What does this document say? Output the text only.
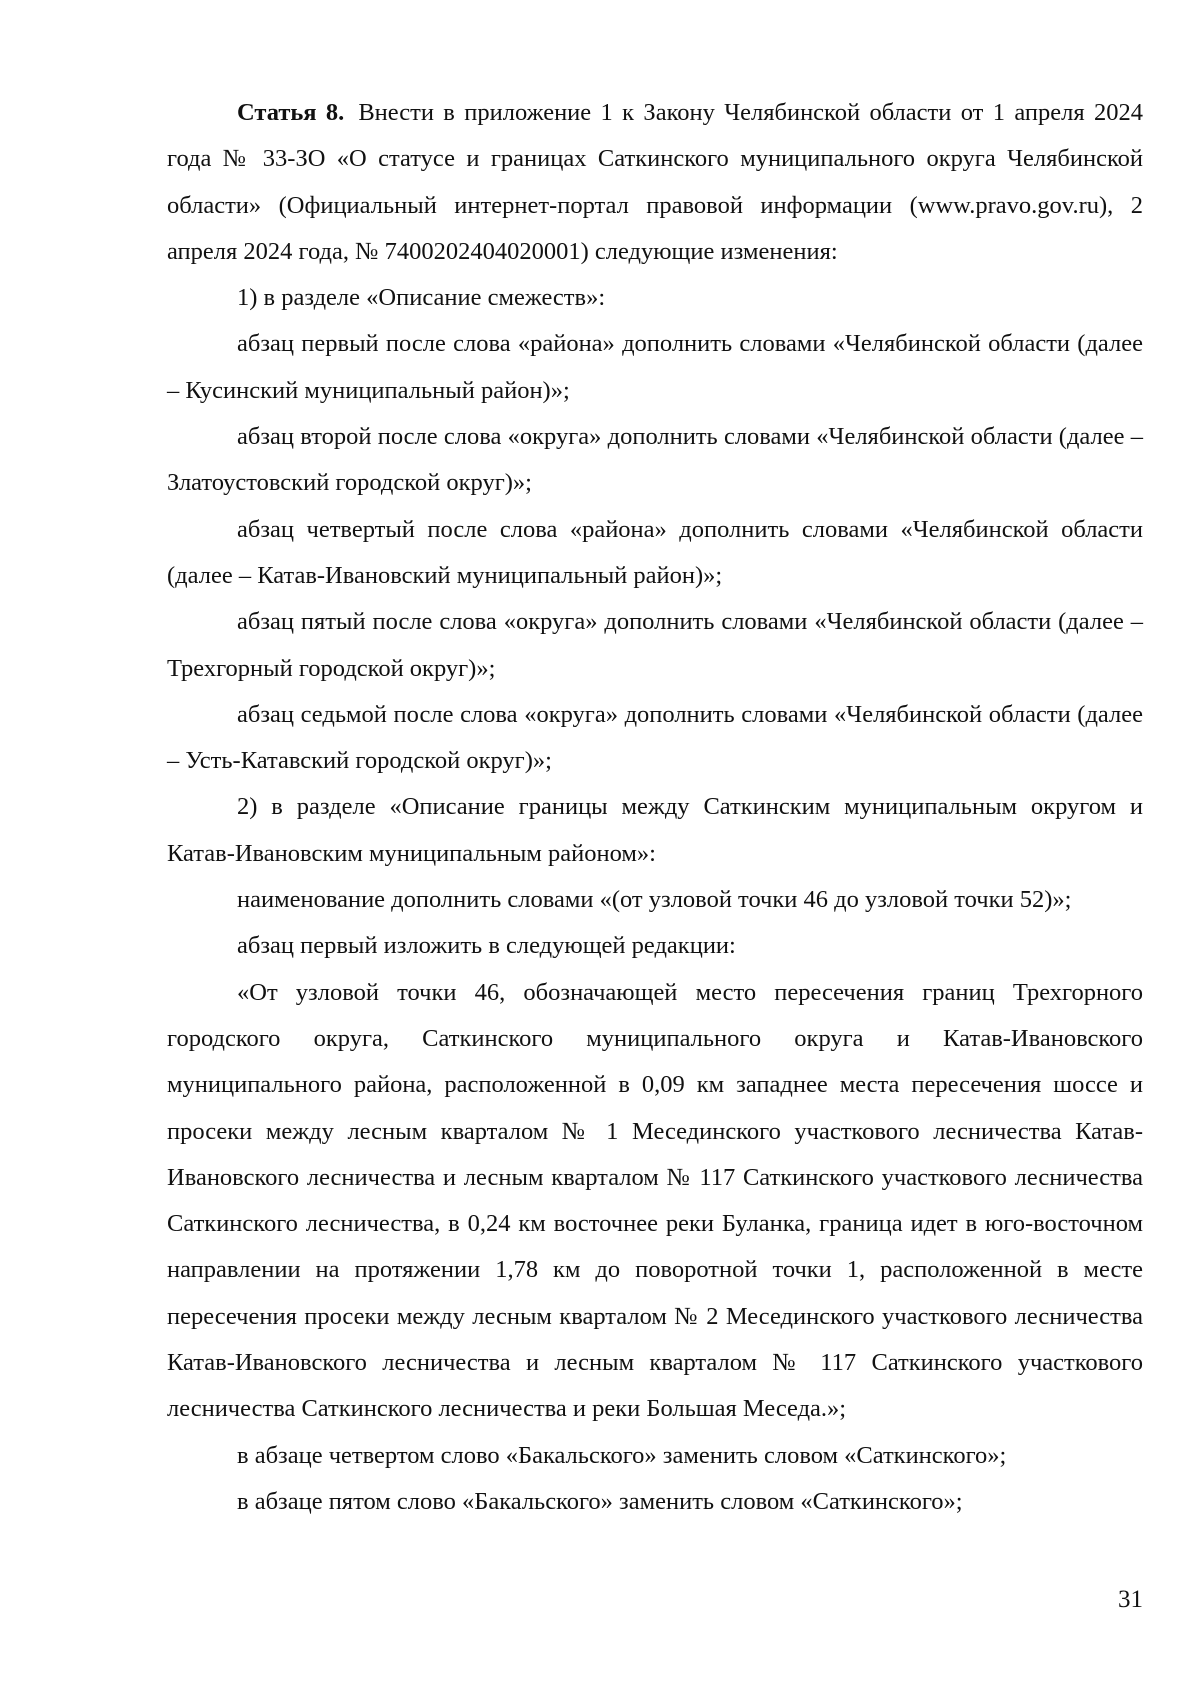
Статья 8. Внести в приложение 1 к Закону Челябинской области от 1 апреля 2024 года № 33-ЗО «О статусе и границах Саткинского муниципального округа Челябинской области» (Официальный интернет-портал правовой информации (www.pravo.gov.ru), 2 апреля 2024 года, № 7400202404020001) следующие изменения:

1) в разделе «Описание смежеств»:

абзац первый после слова «района» дополнить словами «Челябинской области (далее – Кусинский муниципальный район)»;

абзац второй после слова «округа» дополнить словами «Челябинской области (далее – Златоустовский городской округ)»;

абзац четвертый после слова «района» дополнить словами «Челябинской области (далее – Катав-Ивановский муниципальный район)»;

абзац пятый после слова «округа» дополнить словами «Челябинской области (далее – Трехгорный городской округ)»;

абзац седьмой после слова «округа» дополнить словами «Челябинской области (далее – Усть-Катавский городской округ)»;

2) в разделе «Описание границы между Саткинским муниципальным округом и Катав-Ивановским муниципальным районом»:

наименование дополнить словами «(от узловой точки 46 до узловой точки 52)»;

абзац первый изложить в следующей редакции:

«От узловой точки 46, обозначающей место пересечения границ Трехгорного городского округа, Саткинского муниципального округа и Катав-Ивановского муниципального района, расположенной в 0,09 км западнее места пересечения шоссе и просеки между лесным кварталом № 1 Месединского участкового лесничества Катав-Ивановского лесничества и лесным кварталом № 117 Саткинского участкового лесничества Саткинского лесничества, в 0,24 км восточнее реки Буланка, граница идет в юго-восточном направлении на протяжении 1,78 км до поворотной точки 1, расположенной в месте пересечения просеки между лесным кварталом № 2 Месединского участкового лесничества Катав-Ивановского лесничества и лесным кварталом № 117 Саткинского участкового лесничества Саткинского лесничества и реки Большая Меседа.»;

в абзаце четвертом слово «Бакальского» заменить словом «Саткинского»;

в абзаце пятом слово «Бакальского» заменить словом «Саткинского»;

31
